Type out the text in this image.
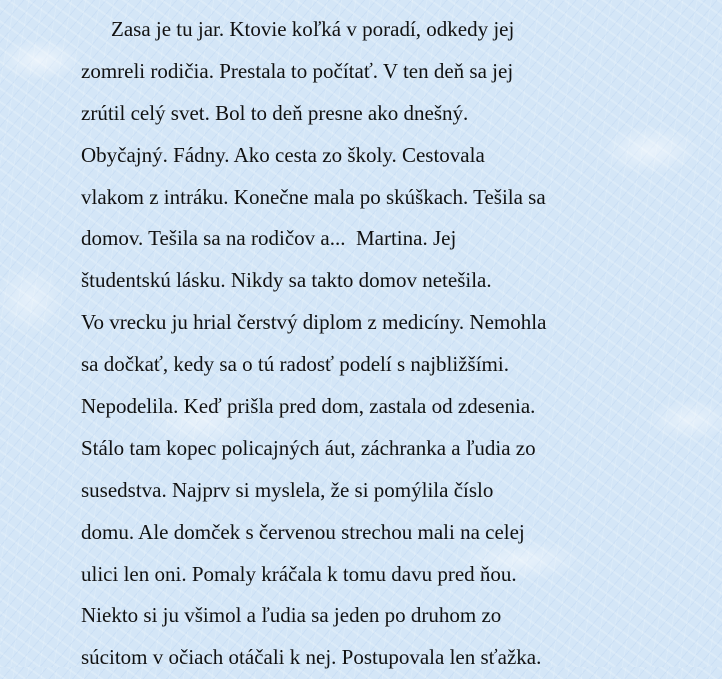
Zasa je tu jar. Ktovie koľká v poradí, odkedy jej
zomreli rodičia. Prestala to počítať. V ten deň sa jej
zrútil celý svet. Bol to deň presne ako dnešný.
Obyčajný. Fádny. Ako cesta zo školy. Cestovala
vlakom z intráku. Konečne mala po skúškach. Tešila sa
domov. Tešila sa na rodičov a...  Martina. Jej
študentskú lásku. Nikdy sa takto domov netešila.
Vo vrecku ju hrial čerstvý diplom z medicíny. Nemohla
sa dočkať, kedy sa o tú radosť podelí s najbližšími.
Nepodelila. Keď prišla pred dom, zastala od zdesenia.
Stálo tam kopec policajných áut, záchranka a ľudia zo
susedstva. Najprv si myslela, že si pomýlila číslo
domu. Ale domček s červenou strechou mali na celej
ulici len oni. Pomaly kráčala k tomu davu pred ňou.
Niekto si ju všimol a ľudia sa jeden po druhom zo
súcitom v očiach otáčali k nej. Postupovala len sťažka.
